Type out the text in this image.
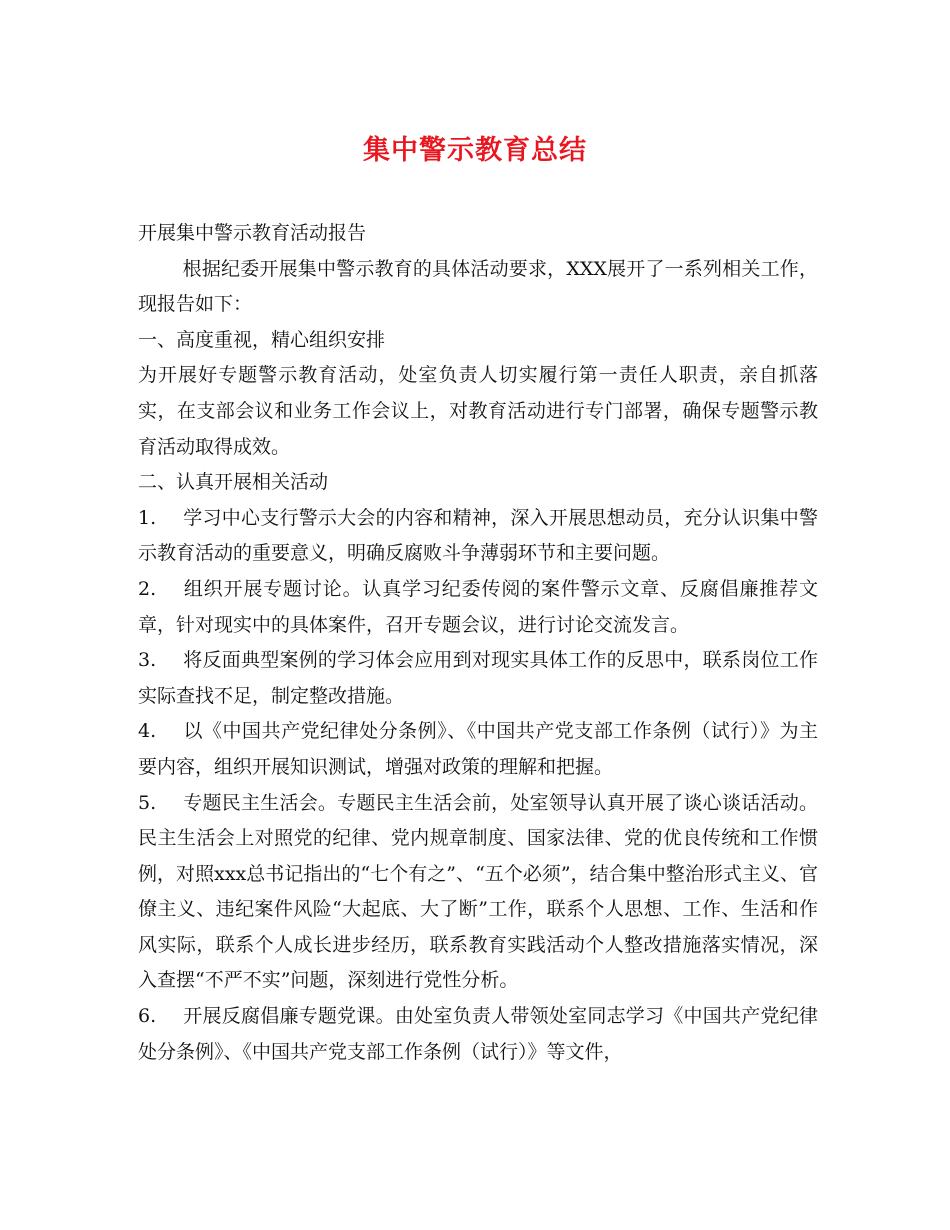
集中警示教育总结

开展集中警示教育活动报告

根据纪委开展集中警示教育的具体活动要求，XXX展开了一系列相关工作，现报告如下：

一、高度重视，精心组织安排

为开展好专题警示教育活动，处室负责人切实履行第一责任人职责，亲自抓落实，在支部会议和业务工作会议上，对教育活动进行专门部署，确保专题警示教育活动取得成效。

二、认真开展相关活动

1. 学习中心支行警示大会的内容和精神，深入开展思想动员，充分认识集中警示教育活动的重要意义，明确反腐败斗争薄弱环节和主要问题。

2. 组织开展专题讨论。认真学习纪委传阅的案件警示文章、反腐倡廉推荐文章，针对现实中的具体案件，召开专题会议，进行讨论交流发言。

3. 将反面典型案例的学习体会应用到对现实具体工作的反思中，联系岗位工作实际查找不足，制定整改措施。

4. 以《中国共产党纪律处分条例》、《中国共产党支部工作条例（试行）》为主要内容，组织开展知识测试，增强对政策的理解和把握。

5. 专题民主生活会。专题民主生活会前，处室领导认真开展了谈心谈话活动。民主生活会上对照党的纪律、党内规章制度、国家法律、党的优良传统和工作惯例，对照xxx总书记指出的“七个有之”、“五个必须”，结合集中整治形式主义、官僚主义、违纪案件风险“大起底、大了断”工作，联系个人思想、工作、生活和作风实际，联系个人成长进步经历，联系教育实践活动个人整改措施落实情况，深入查摆“不严不实”问题，深刻进行党性分析。

6. 开展反腐倡廉专题党课。由处室负责人带领处室同志学习《中国共产党纪律处分条例》、《中国共产党支部工作条例（试行）》等文件，
